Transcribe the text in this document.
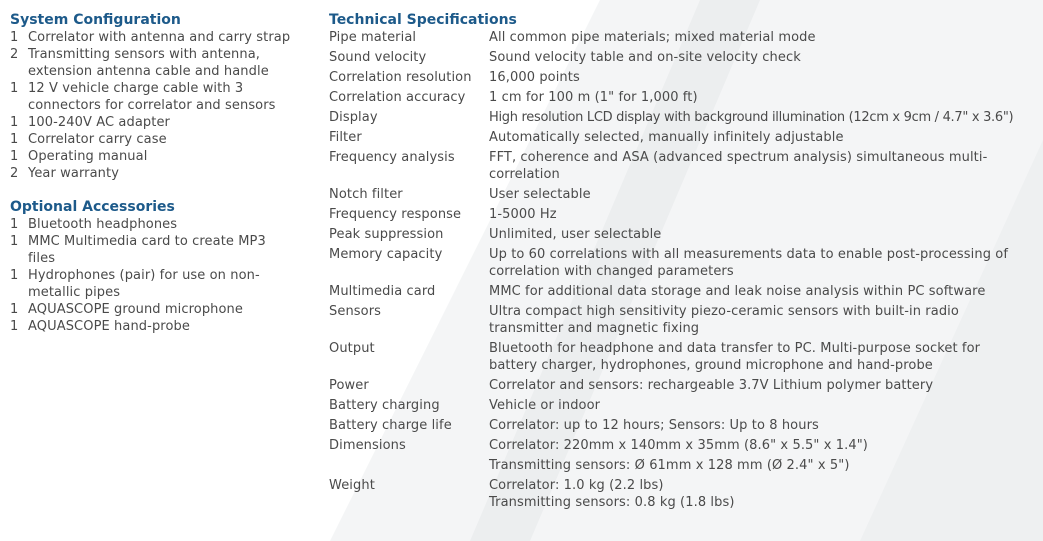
System Configuration
1 Correlator with antenna and carry strap
2 Transmitting sensors with antenna, extension antenna cable and handle
1 12 V vehicle charge cable with 3 connectors for correlator and sensors
1 100-240V AC adapter
1 Correlator carry case
1 Operating manual
2 Year warranty
Optional Accessories
1 Bluetooth headphones
1 MMC Multimedia card to create MP3 files
1 Hydrophones (pair) for use on non-metallic pipes
1 AQUASCOPE ground microphone
1 AQUASCOPE hand-probe
Technical Specifications
Pipe material	All common pipe materials; mixed material mode
Sound velocity	Sound velocity table and on-site velocity check
Correlation resolution	16,000 points
Correlation accuracy	1 cm for 100 m (1" for 1,000 ft)
Display	High resolution LCD display with background illumination (12cm x 9cm / 4.7" x 3.6")
Filter	Automatically selected, manually infinitely adjustable
Frequency analysis	FFT, coherence and ASA (advanced spectrum analysis) simultaneous multi-correlation
Notch filter	User selectable
Frequency response	1-5000 Hz
Peak suppression	Unlimited, user selectable
Memory capacity	Up to 60 correlations with all measurements data to enable post-processing of correlation with changed parameters
Multimedia card	MMC for additional data storage and leak noise analysis within PC software
Sensors	Ultra compact high sensitivity piezo-ceramic sensors with built-in radio transmitter and magnetic fixing
Output	Bluetooth for headphone and data transfer to PC. Multi-purpose socket for battery charger, hydrophones, ground microphone and hand-probe
Power	Correlator and sensors: rechargeable 3.7V Lithium polymer battery
Battery charging	Vehicle or indoor
Battery charge life	Correlator: up to 12 hours; Sensors: Up to 8 hours
Dimensions	Correlator: 220mm x 140mm x 35mm (8.6" x 5.5" x 1.4")
Transmitting sensors: Ø 61mm x 128 mm (Ø 2.4" x 5")
Weight	Correlator: 1.0 kg (2.2 lbs)
Transmitting sensors: 0.8 kg (1.8 lbs)
